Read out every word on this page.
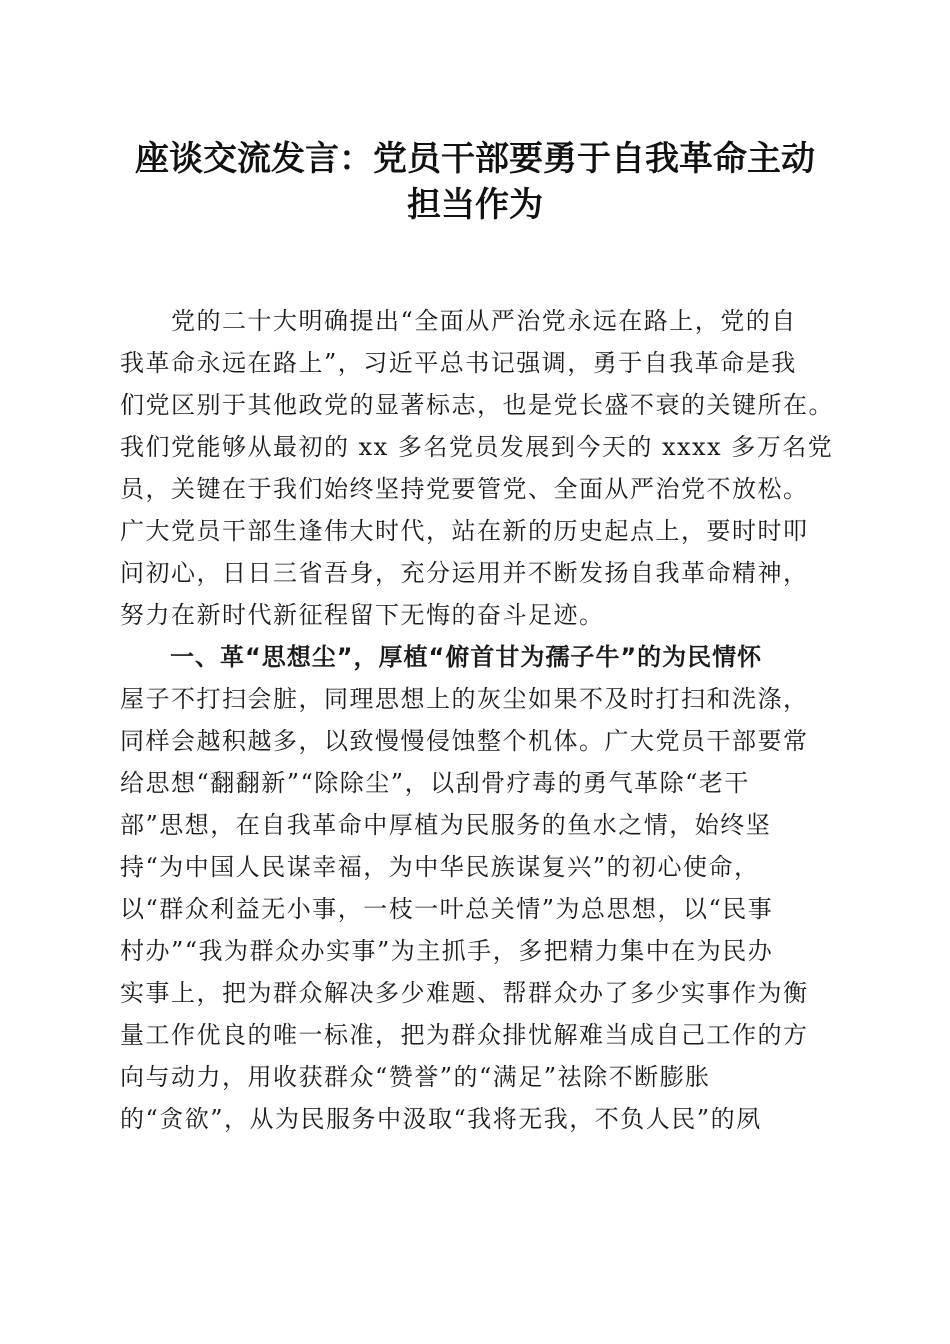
座谈交流发言：党员干部要勇于自我革命主动
担当作为
　　党的二十大明确提出“全面从严治党永远在路上，党的自
我革命永远在路上”，习近平总书记强调，勇于自我革命是我
们党区别于其他政党的显著标志，也是党长盛不衰的关键所在。
我们党能够从最初的 xx 多名党员发展到今天的 xxxx 多万名党
员，关键在于我们始终坚持党要管党、全面从严治党不放松。
广大党员干部生逢伟大时代，站在新的历史起点上，要时时叩
问初心，日日三省吾身，充分运用并不断发扬自我革命精神，
努力在新时代新征程留下无悔的奋斗足迹。
　　一、革“思想尘”，厚植“俯首甘为孺子牛”的为民情怀
屋子不打扫会脏，同理思想上的灰尘如果不及时打扫和洗涤，
同样会越积越多，以致慢慢侵蚀整个机体。广大党员干部要常
给思想“翻翻新”“除除尘”，以刮骨疗毒的勇气革除“老干
部”思想，在自我革命中厚植为民服务的鱼水之情，始终坚
持“为中国人民谋幸福，为中华民族谋复兴”的初心使命，
以“群众利益无小事，一枝一叶总关情”为总思想，以“民事
村办”“我为群众办实事”为主抓手，多把精力集中在为民办
实事上，把为群众解决多少难题、帮群众办了多少实事作为衡
量工作优良的唯一标准，把为群众排忧解难当成自己工作的方
向与动力，用收获群众“赞誉”的“满足”祛除不断膨胀
的“贪欲”，从为民服务中汲取“我将无我，不负人民”的夙
